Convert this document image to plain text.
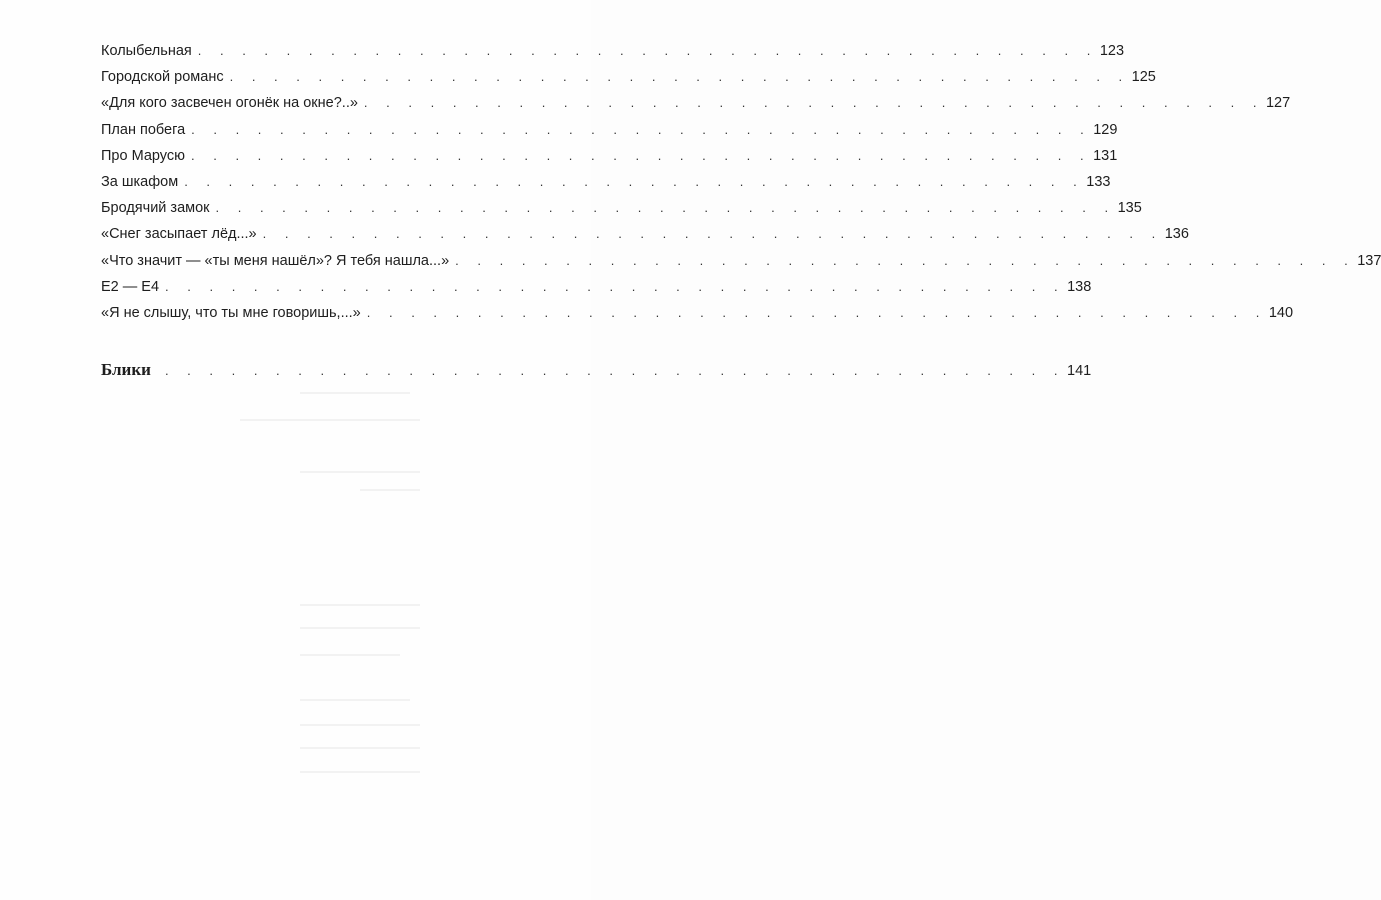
Колыбельная . . . . . . . . . . . . . . . . . . . . . . . . . . . . . . . . . . . . . . . . . 123
Городской романс . . . . . . . . . . . . . . . . . . . . . . . . . . . . . . . . . . . . . . . . . 125
«Для кого засвечен огонёк на окне?..» . . . . . . . . . . . . . . . . . . . . . . . . . . . . . . . . . . . . . . . . . 127
План побега . . . . . . . . . . . . . . . . . . . . . . . . . . . . . . . . . . . . . . . . . 129
Про Марусю . . . . . . . . . . . . . . . . . . . . . . . . . . . . . . . . . . . . . . . . . 131
За шкафом . . . . . . . . . . . . . . . . . . . . . . . . . . . . . . . . . . . . . . . . . 133
Бродячий замок . . . . . . . . . . . . . . . . . . . . . . . . . . . . . . . . . . . . . . . . . 135
«Снег засыпает лёд...» . . . . . . . . . . . . . . . . . . . . . . . . . . . . . . . . . . . . . . . . . 136
«Что значит — «ты меня нашёл»? Я тебя нашла...» . . . . . . . . . . . . . . . . . . . . . . . . . . . . . . . . . . . . . . . . . 137
E2 — E4 . . . . . . . . . . . . . . . . . . . . . . . . . . . . . . . . . . . . . . . . . 138
«Я не слышу, что ты мне говоришь,...» . . . . . . . . . . . . . . . . . . . . . . . . . . . . . . . . . . . . . . . . . 140
Блики	. . . . . . . . . . . . . . . . . . . . . . . . . . . . . . . . . . . . . . . . . 141
